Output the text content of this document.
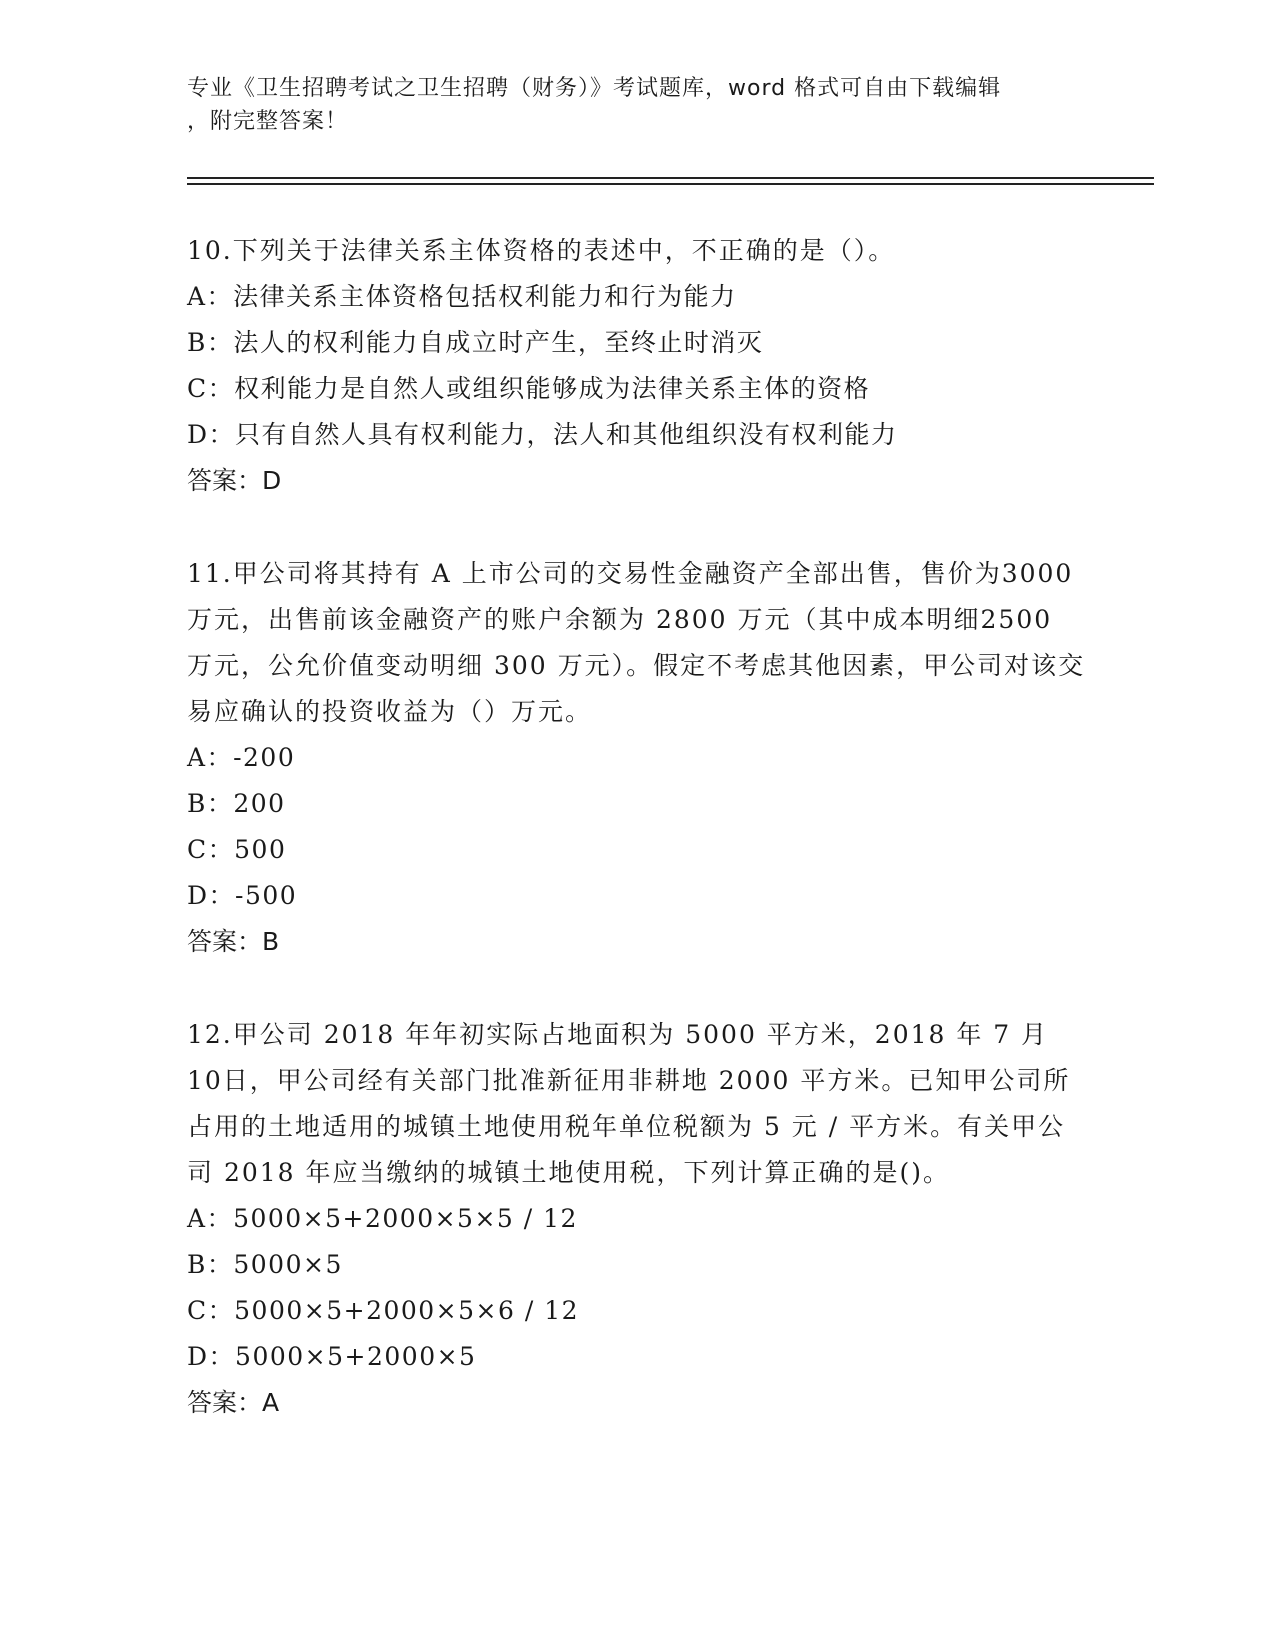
专业《卫生招聘考试之卫生招聘（财务）》考试题库，word 格式可自由下载编辑
，附完整答案！

10.下列关于法律关系主体资格的表述中，不正确的是（）。

A： 法律关系主体资格包括权利能力和行为能力

B： 法人的权利能力自成立时产生，至终止时消灭

C： 权利能力是自然人或组织能够成为法律关系主体的资格

D： 只有自然人具有权利能力，法人和其他组织没有权利能力

答案：D

11.甲公司将其持有 A 上市公司的交易性金融资产全部出售，售价为3000 万元，出售前该金融资产的账户余额为 2800 万元（其中成本明细2500 万元，公允价值变动明细 300 万元）。假定不考虑其他因素，甲公司对该交易应确认的投资收益为（）万元。

A： -200

B： 200

C： 500

D： -500

答案：B

12.甲公司 2018 年年初实际占地面积为 5000 平方米，2018 年 7 月 10日，甲公司经有关部门批准新征用非耕地 2000 平方米。已知甲公司所占用的土地适用的城镇土地使用税年单位税额为 5 元 / 平方米。有关甲公司 2018 年应当缴纳的城镇土地使用税，下列计算正确的是()。

A： 5000×5+2000×5×5 / 12

B： 5000×5

C： 5000×5+2000×5×6 / 12

D： 5000×5+2000×5

答案：A
